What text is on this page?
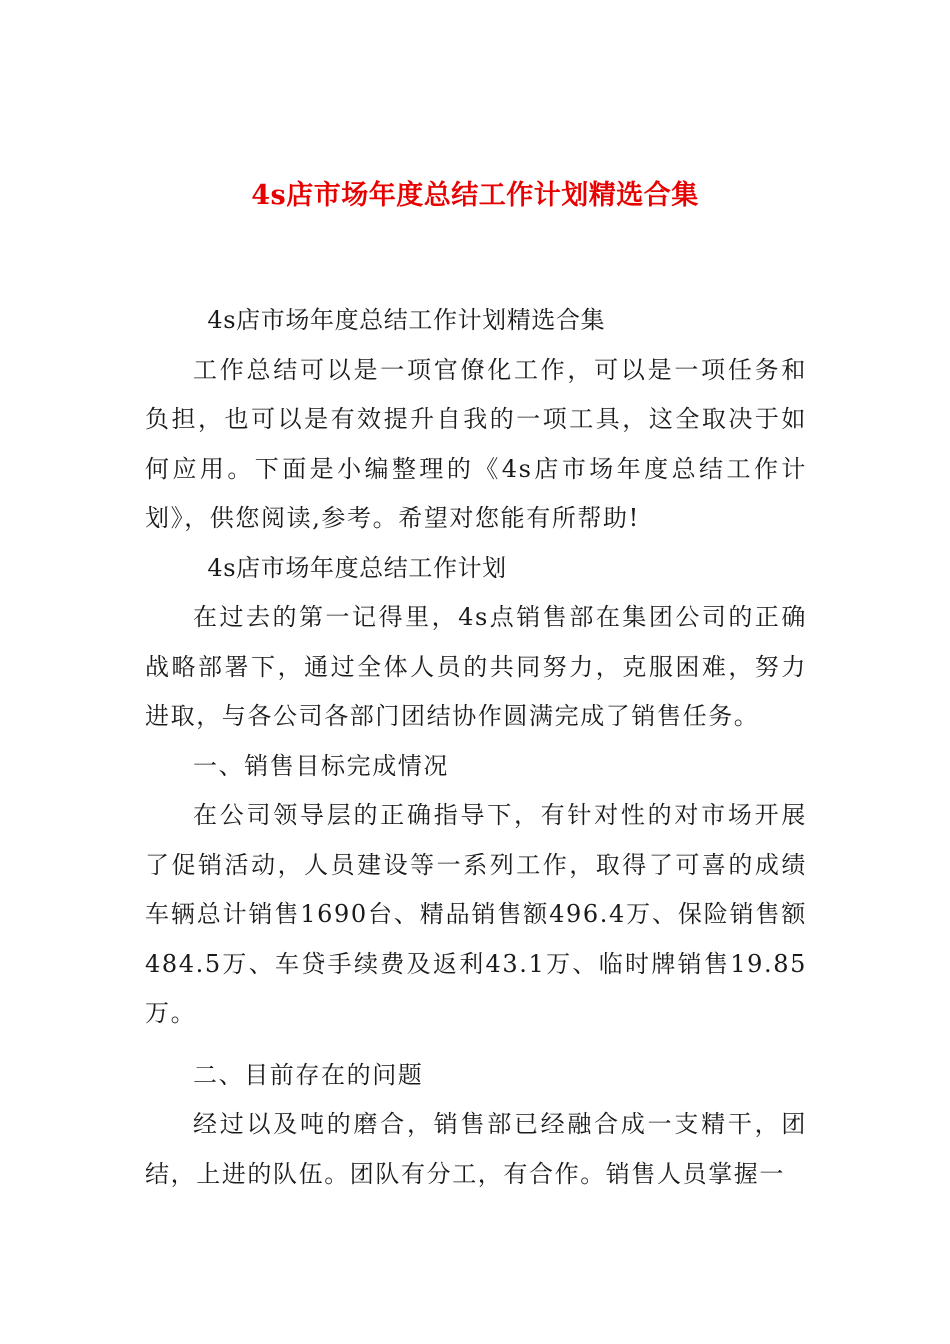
4s店市场年度总结工作计划精选合集

4s店市场年度总结工作计划精选合集

工作总结可以是一项官僚化工作，可以是一项任务和负担，也可以是有效提升自我的一项工具，这全取决于如何应用。下面是小编整理的《4s店市场年度总结工作计划》，供您阅读,参考。希望对您能有所帮助!

4s店市场年度总结工作计划

在过去的第一记得里，4s点销售部在集团公司的正确战略部署下，通过全体人员的共同努力，克服困难，努力进取，与各公司各部门团结协作圆满完成了销售任务。

一、销售目标完成情况

在公司领导层的正确指导下，有针对性的对市场开展了促销活动，人员建设等一系列工作，取得了可喜的成绩车辆总计销售1690台、精品销售额496.4万、保险销售额484.5万、车贷手续费及返利43.1万、临时牌销售19.85万。

二、目前存在的问题

经过以及吨的磨合，销售部已经融合成一支精干，团结，上进的队伍。团队有分工，有合作。销售人员掌握一
